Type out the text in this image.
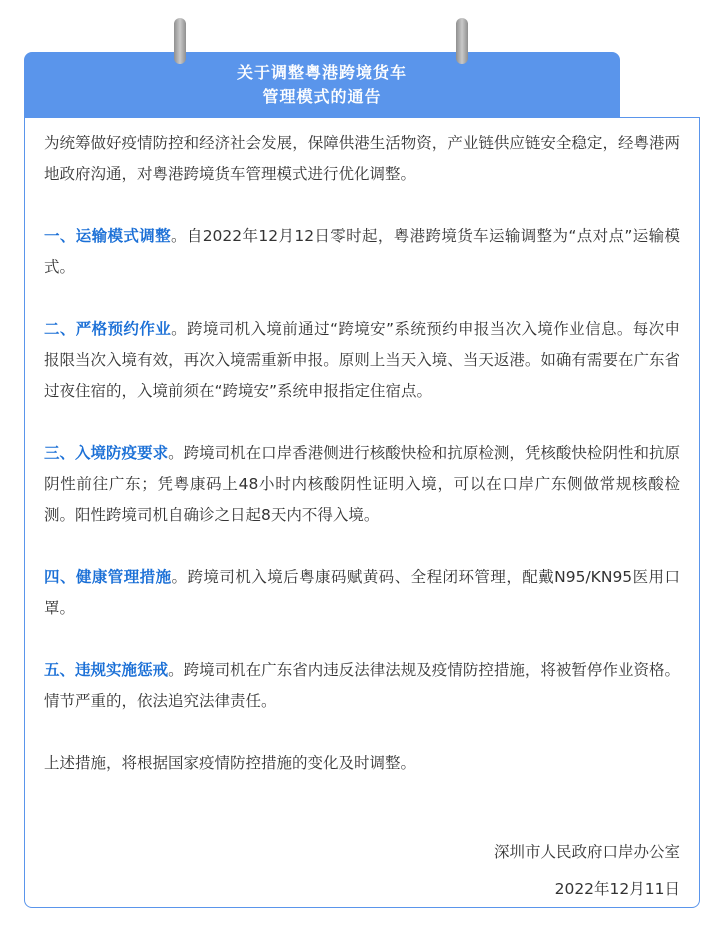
关于调整粤港跨境货车
管理模式的通告

为统筹做好疫情防控和经济社会发展，保障供港生活物资，产业链供应链安全稳定，经粤港两地政府沟通，对粤港跨境货车管理模式进行优化调整。

一、运输模式调整。自2022年12月12日零时起，粤港跨境货车运输调整为“点对点”运输模式。

二、严格预约作业。跨境司机入境前通过“跨境安”系统预约申报当次入境作业信息。每次申报限当次入境有效，再次入境需重新申报。原则上当天入境、当天返港。如确有需要在广东省过夜住宿的，入境前须在“跨境安”系统申报指定住宿点。

三、入境防疫要求。跨境司机在口岸香港侧进行核酸快检和抗原检测，凭核酸快检阴性和抗原阴性前往广东；凭粤康码上48小时内核酸阴性证明入境，可以在口岸广东侧做常规核酸检测。阳性跨境司机自确诊之日起8天内不得入境。

四、健康管理措施。跨境司机入境后粤康码赋黄码、全程闭环管理，配戴N95/KN95医用口罩。

五、违规实施惩戒。跨境司机在广东省内违反法律法规及疫情防控措施，将被暂停作业资格。情节严重的，依法追究法律责任。

上述措施，将根据国家疫情防控措施的变化及时调整。

深圳市人民政府口岸办公室
2022年12月11日
